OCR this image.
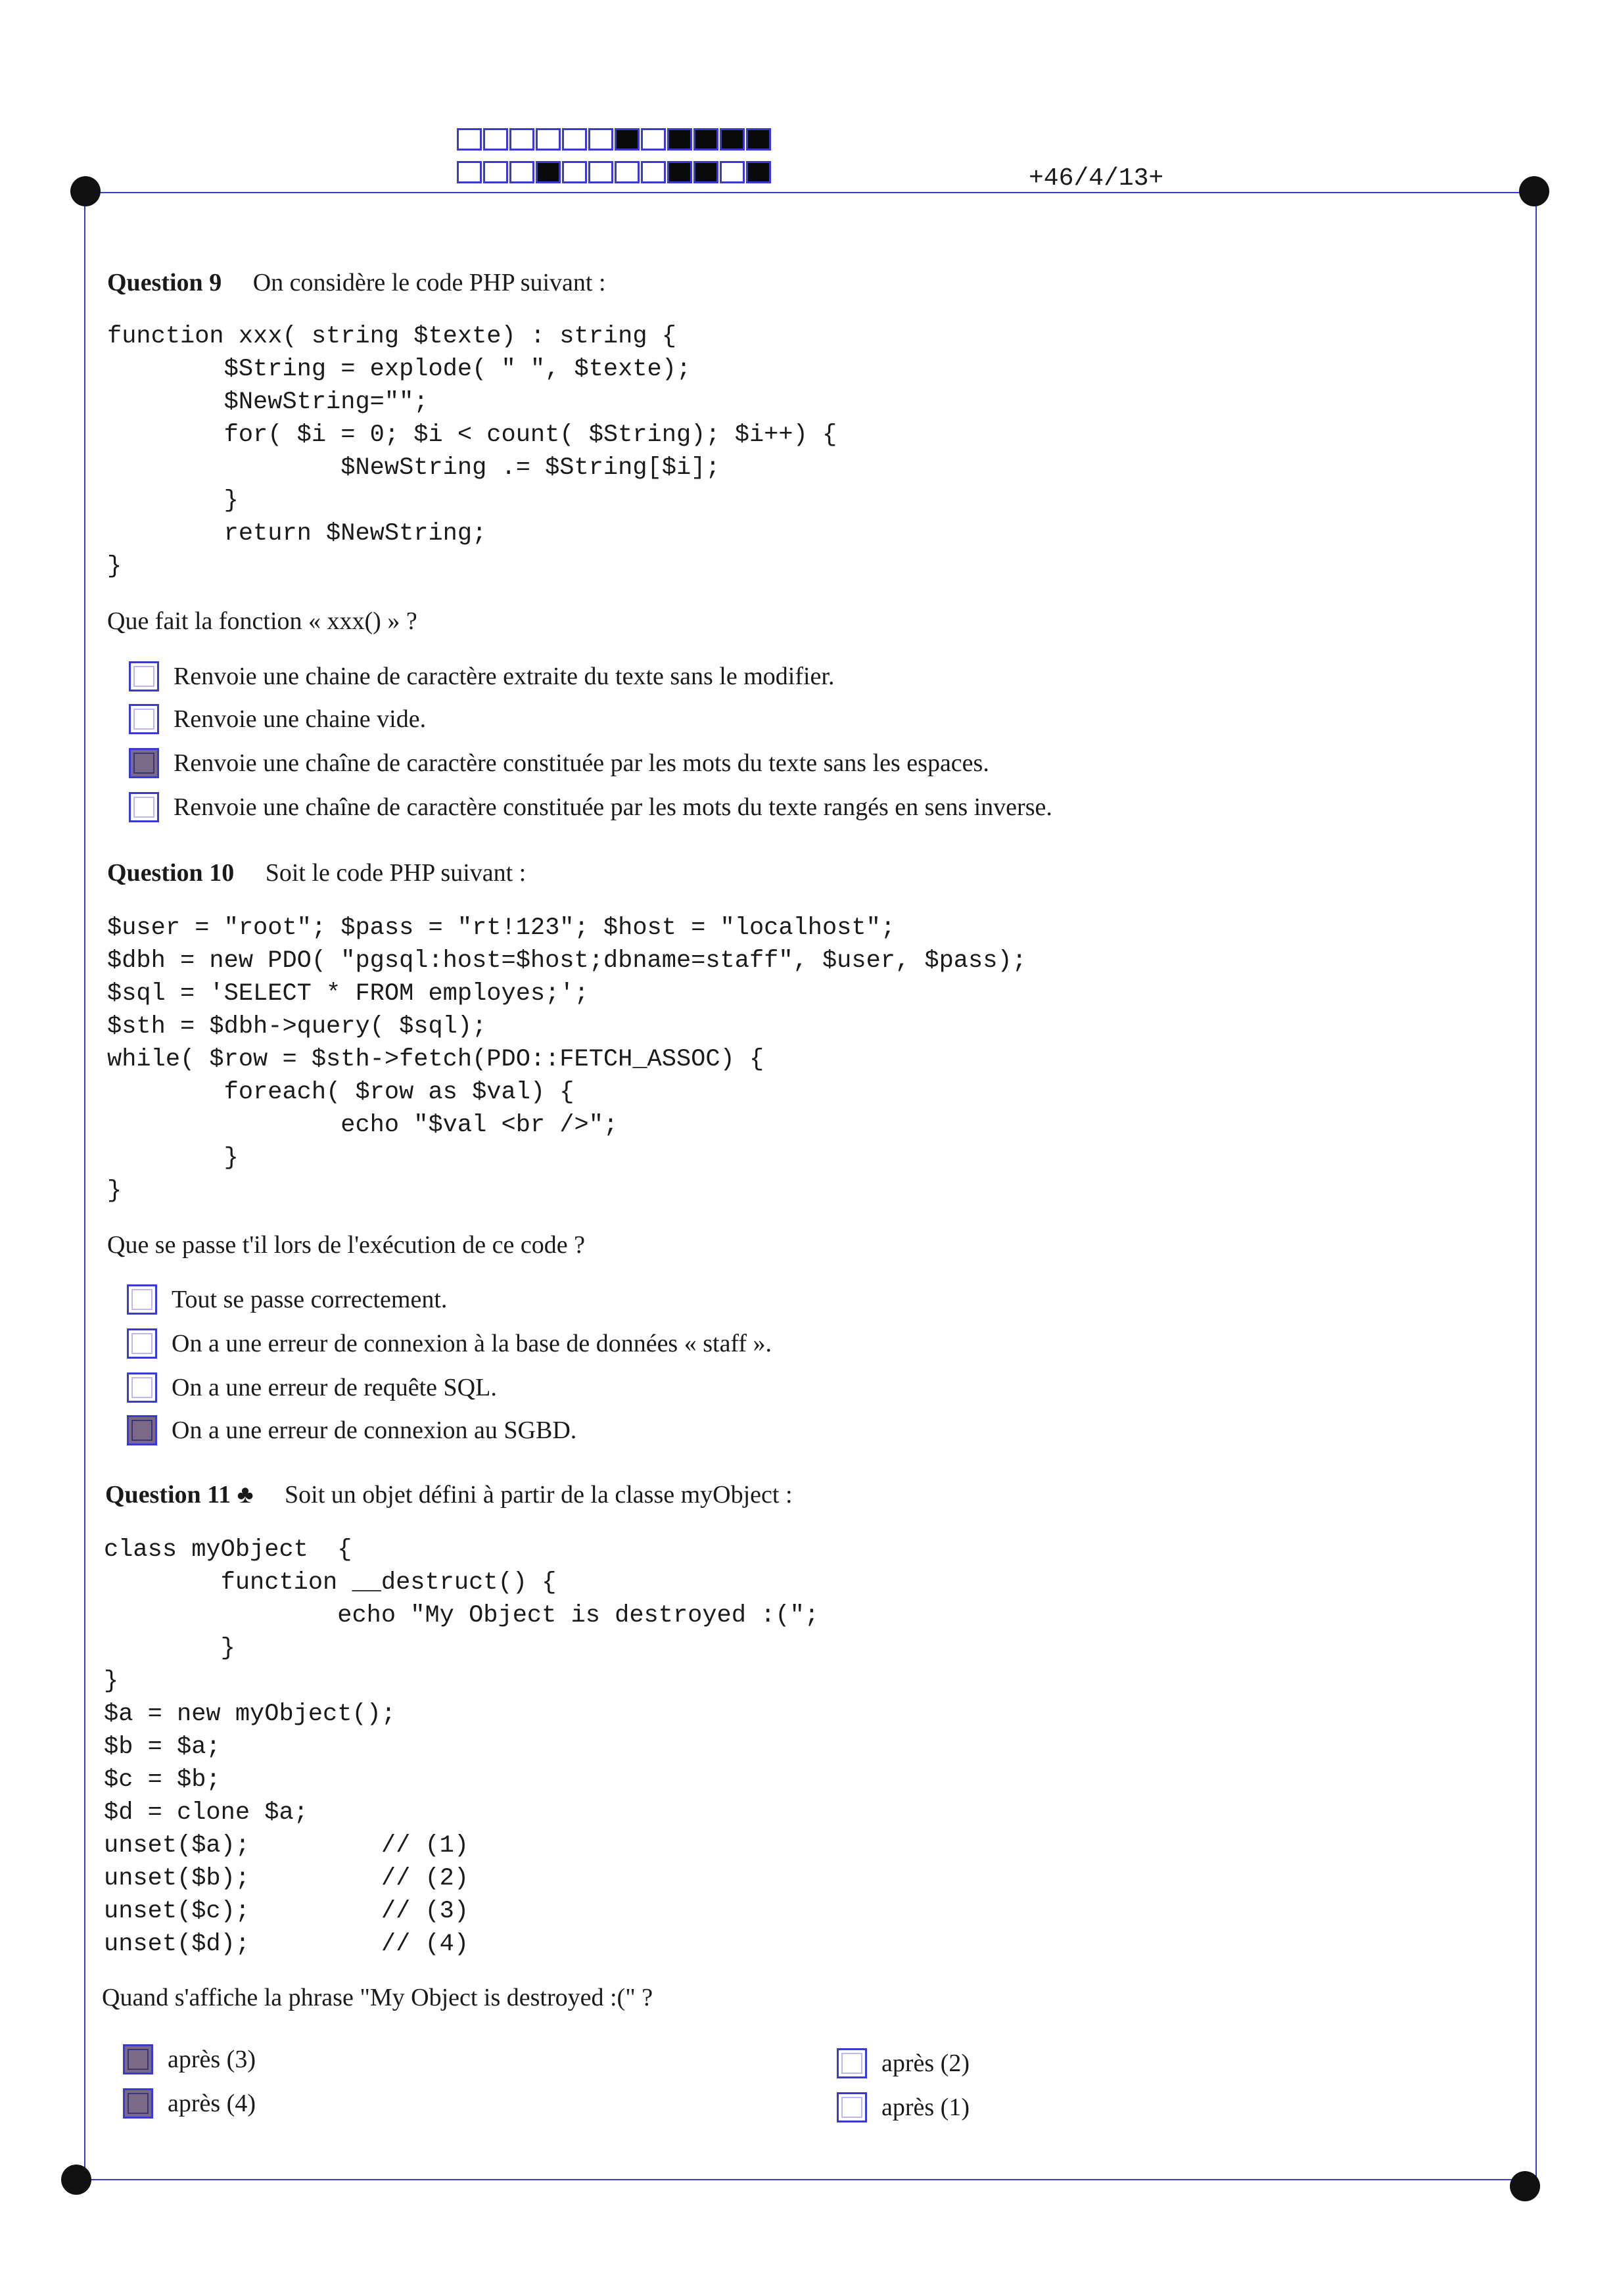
+46/4/13+
Question 9 On considère le code PHP suivant :
function xxx( string $texte) : string {
$String = explode( " ", $texte);
$NewString="";
for( $i = 0; $i < count( $String); $i++) {
$NewString .= $String[$i];
}
return $NewString;
}
Que fait la fonction « xxx() » ?
Renvoie une chaine de caractère extraite du texte sans le modifier.
Renvoie une chaine vide.
Renvoie une chaîne de caractère constituée par les mots du texte sans les espaces.
Renvoie une chaîne de caractère constituée par les mots du texte rangés en sens inverse.
Question 10 Soit le code PHP suivant :
$user = "root"; $pass = "rt!123"; $host = "localhost";
$dbh = new PDO( "pgsql:host=$host;dbname=staff", $user, $pass);
$sql = 'SELECT * FROM employes;';
$sth = $dbh->query( $sql);
while( $row = $sth->fetch(PDO::FETCH_ASSOC) {
foreach( $row as $val) {
echo "$val <br />";
}
}
Que se passe t'il lors de l'exécution de ce code ?
Tout se passe correctement.
On a une erreur de connexion à la base de données « staff ».
On a une erreur de requête SQL.
On a une erreur de connexion au SGBD.
Question 11 ♣ Soit un objet défini à partir de la classe myObject :
class myObject  {
function __destruct() {
echo "My Object is destroyed :(";
}
}
$a = new myObject();
$b = $a;
$c = $b;
$d = clone $a;
unset($a);         // (1)
unset($b);         // (2)
unset($c);         // (3)
unset($d);         // (4)
Quand s'affiche la phrase "My Object is destroyed :(" ?
après (3)
après (4)
après (2)
après (1)
